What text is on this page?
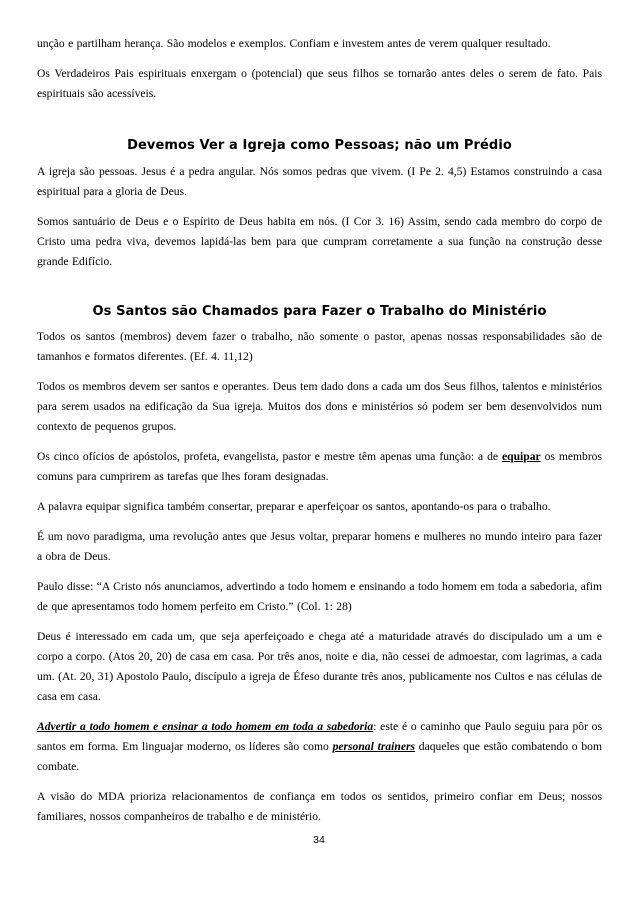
unção e partilham herança. São modelos e exemplos. Confiam e investem antes de verem qualquer resultado.

Os Verdadeiros Pais espirituais enxergam o (potencial) que seus filhos se tornarão antes deles o serem de fato. Pais espirituais são acessíveis.

Devemos Ver a Igreja como Pessoas; não um Prédio

A igreja são pessoas. Jesus é a pedra angular. Nós somos pedras que vivem. (I Pe 2. 4,5) Estamos construindo a casa espiritual para a gloria de Deus.

Somos santuário de Deus e o Espírito de Deus habita em nós. (I Cor 3. 16) Assim, sendo cada membro do corpo de Cristo uma pedra viva, devemos lapidá-las bem para que cumpram corretamente a sua função na construção desse grande Edifício.

Os Santos são Chamados para Fazer o Trabalho do Ministério

Todos os santos (membros) devem fazer o trabalho, não somente o pastor, apenas nossas responsabilidades são de tamanhos e formatos diferentes. (Ef. 4. 11,12)

Todos os membros devem ser santos e operantes. Deus tem dado dons a cada um dos Seus filhos, talentos e ministérios para serem usados na edificação da Sua igreja. Muitos dos dons e ministérios só podem ser bem desenvolvidos num contexto de pequenos grupos.

Os cinco ofícios de apóstolos, profeta, evangelista, pastor e mestre têm apenas uma função: a de equipar os membros comuns para cumprirem as tarefas que lhes foram designadas.

A palavra equipar significa também consertar, preparar e aperfeiçoar os santos, apontando-os para o trabalho.

É um novo paradigma, uma revolução antes que Jesus voltar, preparar homens e mulheres no mundo inteiro para fazer a obra de Deus.

Paulo disse: “A Cristo nós anunciamos, advertindo a todo homem e ensinando a todo homem em toda a sabedoria, afim de que apresentamos todo homem perfeito em Cristo.” (Col. 1: 28)

Deus é interessado em cada um, que seja aperfeiçoado e chega até a maturidade através do discipulado um a um e corpo a corpo. (Atos 20, 20) de casa em casa. Por três anos, noite e dia, não cessei de admoestar, com lagrimas, a cada um. (At. 20, 31) Apostolo Paulo, discípulo a igreja de Éfeso durante três anos, publicamente nos Cultos e nas células de casa em casa.

Advertir a todo homem e ensinar a todo homem em toda a sabedoria: este é o caminho que Paulo seguiu para pôr os santos em forma. Em linguajar moderno, os líderes são como personal trainers daqueles que estão combatendo o bom combate.

A visão do MDA prioriza relacionamentos de confiança em todos os sentidos, primeiro confiar em Deus; nossos familiares, nossos companheiros de trabalho e de ministério.

34
